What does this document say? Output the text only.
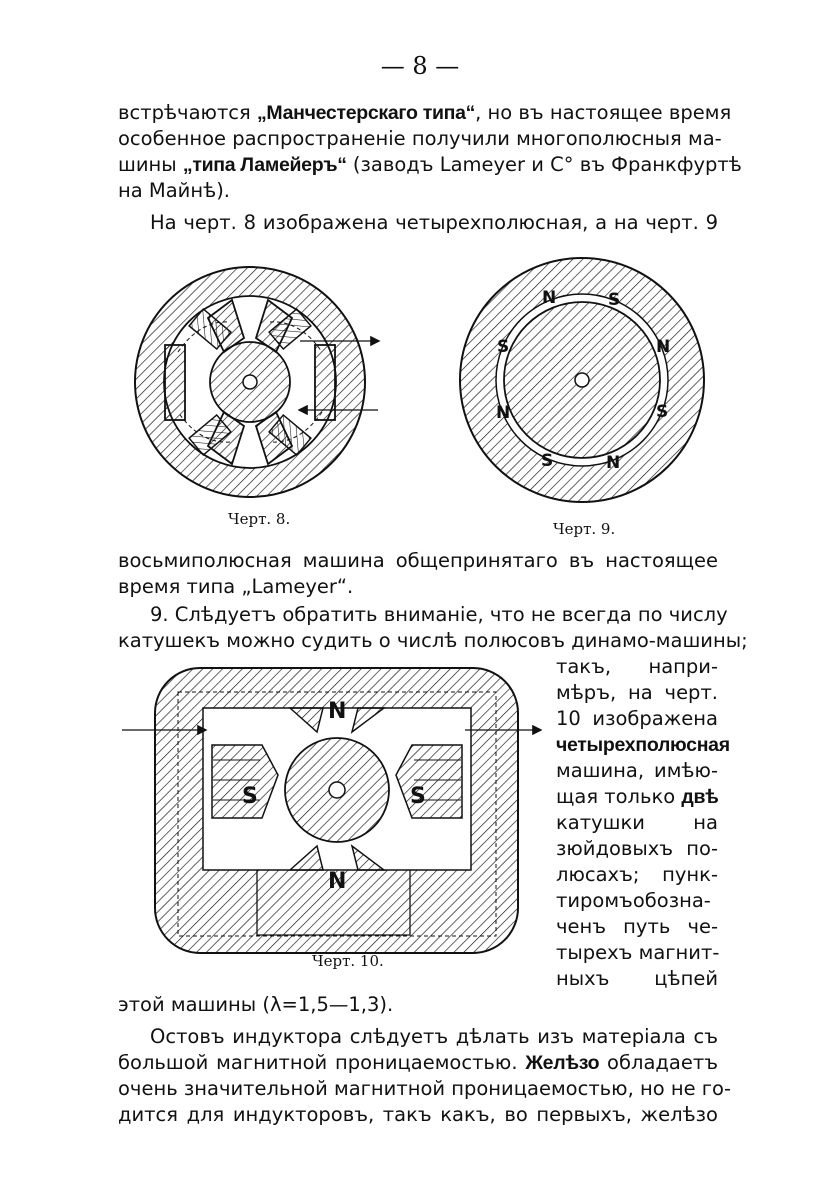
— 8 —
встрѣчаются „Манчестерскаго типа“, но въ настоящее время
особенное распространеніе получили многополюсныя ма-
шины „типа Ламейеръ“ (заводъ Lameyer и C° въ Франкфуртѣ
на Майнѣ).
На черт. 8 изображена четырехполюсная, а на черт. 9
N	S
N
S
N
S
N
S
N
N
S	S
Черт. 8.
Черт. 9.
восьмиполюсная машина общепринятаго въ настоящее
время типа „Lameyer“.
9. Слѣдуетъ обратить вниманіе, что не всегда по числу
катушекъ можно судить о числѣ полюсовъ динамо-машины;
такъ, напри-
мѣръ, на черт.
10 изображена
четырехполюсная
машина, имѣю-
щая только двѣ
катушки на
зюйдовыхъ по-
люсахъ; пунк-
тиромъобозна-
ченъ путь че-
тырехъ магнит-
ныхъ цѣпей
Черт. 10.
этой машины (λ=1,5—1,3).
Остовъ индуктора слѣдуетъ дѣлать изъ матеріала съ
большой магнитной проницаемостью. Желѣзо обладаетъ
очень значительной магнитной проницаемостью, но не го-
дится для индукторовъ, такъ какъ, во первыхъ, желѣзо
